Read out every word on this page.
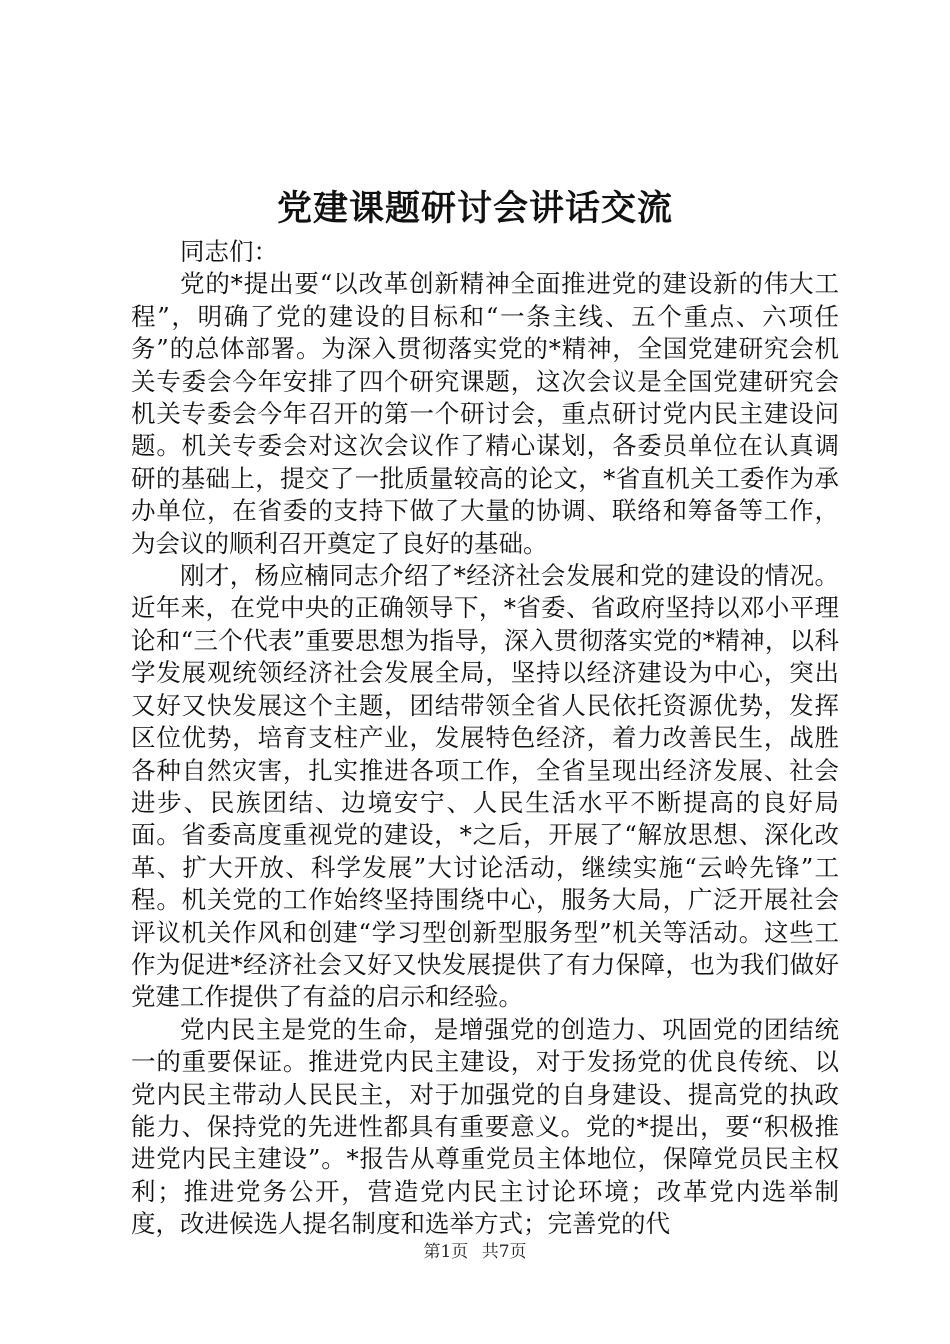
党建课题研讨会讲话交流

同志们：

党的*提出要“以改革创新精神全面推进党的建设新的伟大工程”，明确了党的建设的目标和“一条主线、五个重点、六项任务”的总体部署。为深入贯彻落实党的*精神，全国党建研究会机关专委会今年安排了四个研究课题，这次会议是全国党建研究会机关专委会今年召开的第一个研讨会，重点研讨党内民主建设问题。机关专委会对这次会议作了精心谋划，各委员单位在认真调研的基础上，提交了一批质量较高的论文，*省直机关工委作为承办单位，在省委的支持下做了大量的协调、联络和筹备等工作，为会议的顺利召开奠定了良好的基础。

刚才，杨应楠同志介绍了*经济社会发展和党的建设的情况。近年来，在党中央的正确领导下，*省委、省政府坚持以邓小平理论和“三个代表”重要思想为指导，深入贯彻落实党的*精神，以科学发展观统领经济社会发展全局，坚持以经济建设为中心，突出又好又快发展这个主题，团结带领全省人民依托资源优势，发挥区位优势，培育支柱产业，发展特色经济，着力改善民生，战胜各种自然灾害，扎实推进各项工作，全省呈现出经济发展、社会进步、民族团结、边境安宁、人民生活水平不断提高的良好局面。省委高度重视党的建设，*之后，开展了“解放思想、深化改革、扩大开放、科学发展”大讨论活动，继续实施“云岭先锋”工程。机关党的工作始终坚持围绕中心，服务大局，广泛开展社会评议机关作风和创建“学习型创新型服务型”机关等活动。这些工作为促进*经济社会又好又快发展提供了有力保障，也为我们做好党建工作提供了有益的启示和经验。

党内民主是党的生命，是增强党的创造力、巩固党的团结统一的重要保证。推进党内民主建设，对于发扬党的优良传统、以党内民主带动人民民主，对于加强党的自身建设、提高党的执政能力、保持党的先进性都具有重要意义。党的*提出，要“积极推进党内民主建设”。*报告从尊重党员主体地位，保障党员民主权利；推进党务公开，营造党内民主讨论环境；改革党内选举制度，改进候选人提名制度和选举方式；完善党的代

第1页 共7页
